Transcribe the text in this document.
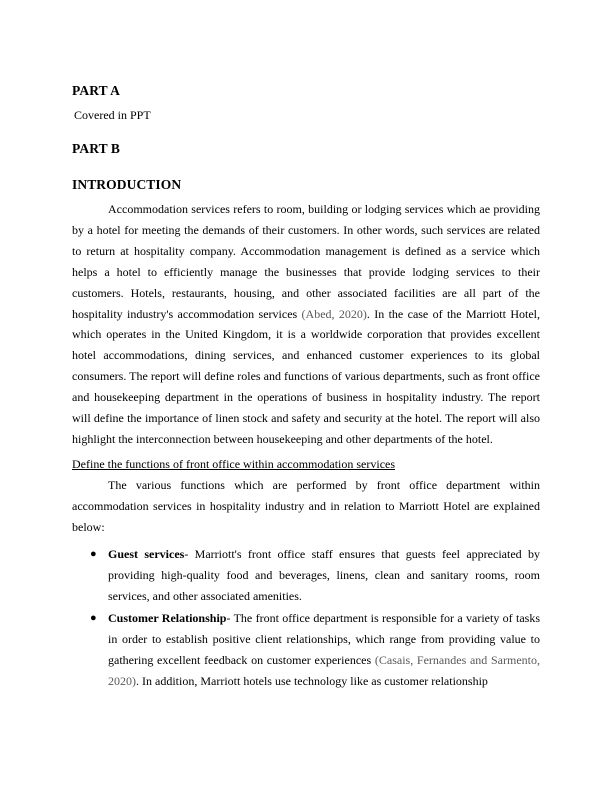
PART A

Covered in PPT

PART B
INTRODUCTION

Accommodation services refers to room, building or lodging services which ae providing by a hotel for meeting the demands of their customers. In other words, such services are related to return at hospitality company. Accommodation management is defined as a service which helps a hotel to efficiently manage the businesses that provide lodging services to their customers. Hotels, restaurants, housing, and other associated facilities are all part of the hospitality industry's accommodation services (Abed, 2020). In the case of the Marriott Hotel, which operates in the United Kingdom, it is a worldwide corporation that provides excellent hotel accommodations, dining services, and enhanced customer experiences to its global consumers. The report will define roles and functions of various departments, such as front office and housekeeping department in the operations of business in hospitality industry. The report will define the importance of linen stock and safety and security at the hotel. The report will also highlight the interconnection between housekeeping and other departments of the hotel.

Define the functions of front office within accommodation services

The various functions which are performed by front office department within accommodation services in hospitality industry and in relation to Marriott Hotel are explained below:

● Guest services- Marriott's front office staff ensures that guests feel appreciated by providing high-quality food and beverages, linens, clean and sanitary rooms, room services, and other associated amenities.
● Customer Relationship- The front office department is responsible for a variety of tasks in order to establish positive client relationships, which range from providing value to gathering excellent feedback on customer experiences (Casais, Fernandes and Sarmento, 2020). In addition, Marriott hotels use technology like as customer relationship
